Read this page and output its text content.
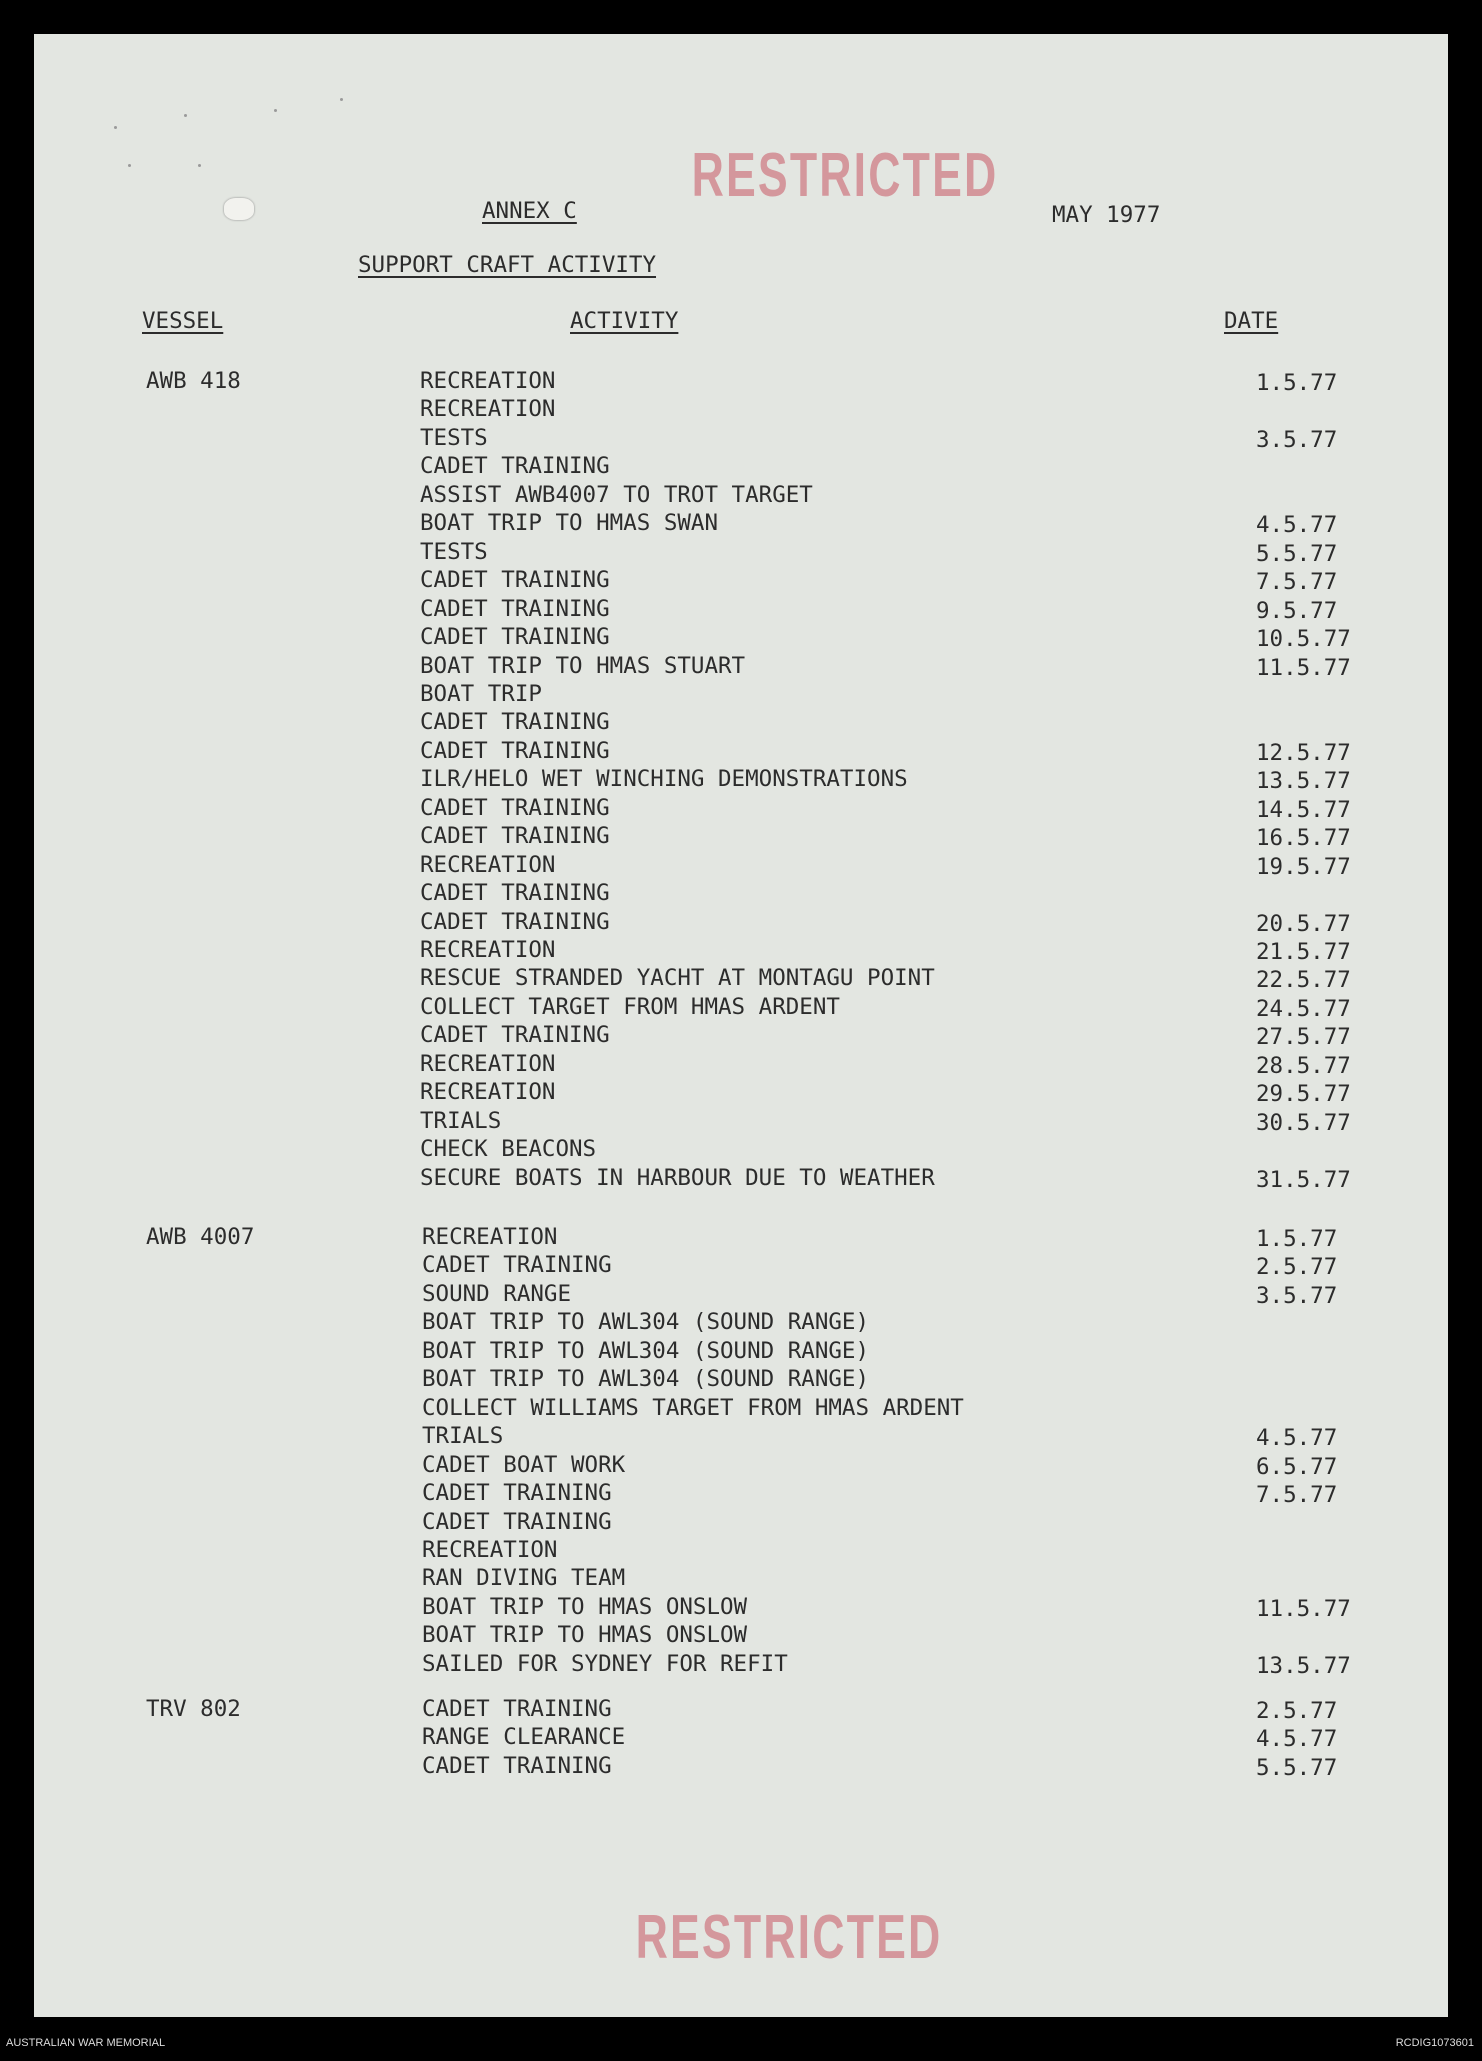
RESTRICTED
ANNEX C	MAY 1977
SUPPORT CRAFT ACTIVITY
VESSEL	ACTIVITY	DATE
AWB 418	RECREATION	1.5.77
RECREATION
TESTS	3.5.77
CADET TRAINING
ASSIST AWB4007 TO TROT TARGET
BOAT TRIP TO HMAS SWAN	4.5.77
TESTS	5.5.77
CADET TRAINING	7.5.77
CADET TRAINING	9.5.77
CADET TRAINING	10.5.77
BOAT TRIP TO HMAS STUART	11.5.77
BOAT TRIP
CADET TRAINING
CADET TRAINING	12.5.77
ILR/HELO WET WINCHING DEMONSTRATIONS	13.5.77
CADET TRAINING	14.5.77
CADET TRAINING	16.5.77
RECREATION	19.5.77
CADET TRAINING
CADET TRAINING	20.5.77
RECREATION	21.5.77
RESCUE STRANDED YACHT AT MONTAGU POINT	22.5.77
COLLECT TARGET FROM HMAS ARDENT	24.5.77
CADET TRAINING	27.5.77
RECREATION	28.5.77
RECREATION	29.5.77
TRIALS	30.5.77
CHECK BEACONS
SECURE BOATS IN HARBOUR DUE TO WEATHER	31.5.77
AWB 4007	RECREATION	1.5.77
CADET TRAINING	2.5.77
SOUND RANGE	3.5.77
BOAT TRIP TO AWL304 (SOUND RANGE)
BOAT TRIP TO AWL304 (SOUND RANGE)
BOAT TRIP TO AWL304 (SOUND RANGE)
COLLECT WILLIAMS TARGET FROM HMAS ARDENT
TRIALS	4.5.77
CADET BOAT WORK	6.5.77
CADET TRAINING	7.5.77
CADET TRAINING
RECREATION
RAN DIVING TEAM
BOAT TRIP TO HMAS ONSLOW	11.5.77
BOAT TRIP TO HMAS ONSLOW
SAILED FOR SYDNEY FOR REFIT	13.5.77
TRV 802	CADET TRAINING	2.5.77
RANGE CLEARANCE	4.5.77
CADET TRAINING	5.5.77
RESTRICTED
AUSTRALIAN WAR MEMORIAL	RCDIG1073601
